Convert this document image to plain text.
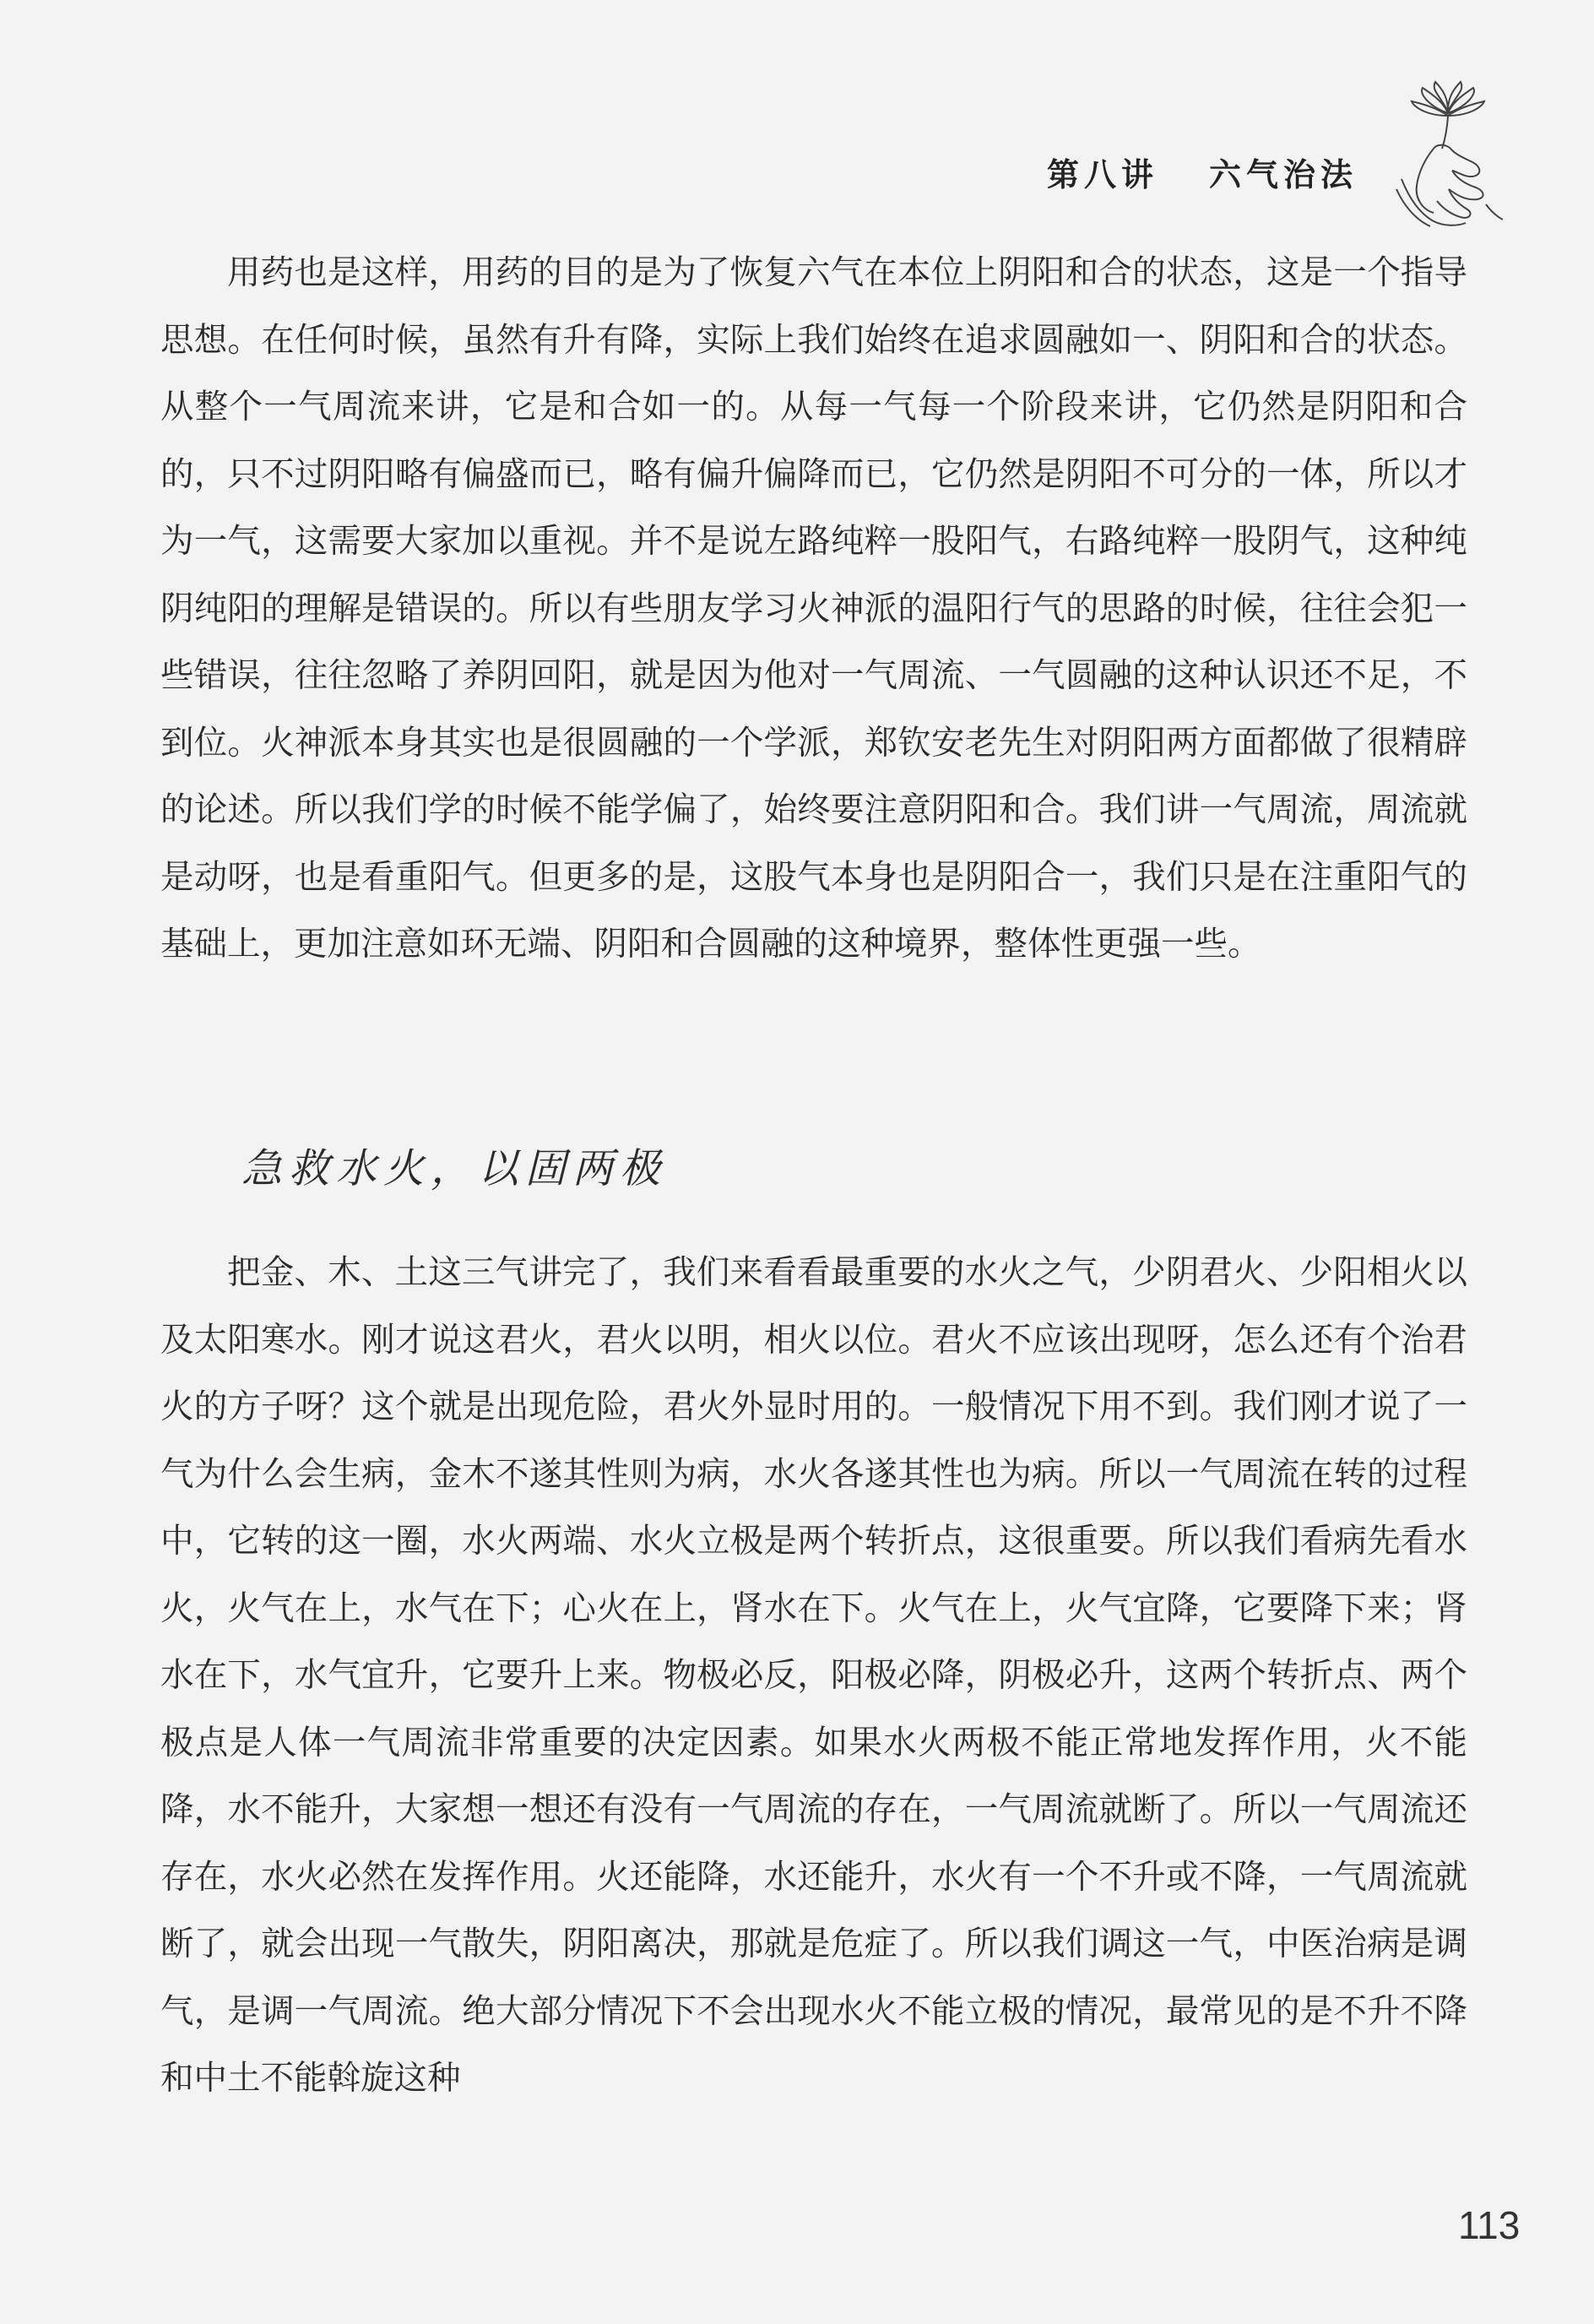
第八讲 六气治法

用药也是这样，用药的目的是为了恢复六气在本位上阴阳和合的状态，这是一个指导思想。在任何时候，虽然有升有降，实际上我们始终在追求圆融如一、阴阳和合的状态。从整个一气周流来讲，它是和合如一的。从每一气每一个阶段来讲，它仍然是阴阳和合的，只不过阴阳略有偏盛而已，略有偏升偏降而已，它仍然是阴阳不可分的一体，所以才为一气，这需要大家加以重视。并不是说左路纯粹一股阳气，右路纯粹一股阴气，这种纯阴纯阳的理解是错误的。所以有些朋友学习火神派的温阳行气的思路的时候，往往会犯一些错误，往往忽略了养阴回阳，就是因为他对一气周流、一气圆融的这种认识还不足，不到位。火神派本身其实也是很圆融的一个学派，郑钦安老先生对阴阳两方面都做了很精辟的论述。所以我们学的时候不能学偏了，始终要注意阴阳和合。我们讲一气周流，周流就是动呀，也是看重阳气。但更多的是，这股气本身也是阴阳合一，我们只是在注重阳气的基础上，更加注意如环无端、阴阳和合圆融的这种境界，整体性更强一些。

急救水火，以固两极

把金、木、土这三气讲完了，我们来看看最重要的水火之气，少阴君火、少阳相火以及太阳寒水。刚才说这君火，君火以明，相火以位。君火不应该出现呀，怎么还有个治君火的方子呀？这个就是出现危险，君火外显时用的。一般情况下用不到。我们刚才说了一气为什么会生病，金木不遂其性则为病，水火各遂其性也为病。所以一气周流在转的过程中，它转的这一圈，水火两端、水火立极是两个转折点，这很重要。所以我们看病先看水火，火气在上，水气在下；心火在上，肾水在下。火气在上，火气宜降，它要降下来；肾水在下，水气宜升，它要升上来。物极必反，阳极必降，阴极必升，这两个转折点、两个极点是人体一气周流非常重要的决定因素。如果水火两极不能正常地发挥作用，火不能降，水不能升，大家想一想还有没有一气周流的存在，一气周流就断了。所以一气周流还存在，水火必然在发挥作用。火还能降，水还能升，水火有一个不升或不降，一气周流就断了，就会出现一气散失，阴阳离决，那就是危症了。所以我们调这一气，中医治病是调气，是调一气周流。绝大部分情况下不会出现水火不能立极的情况，最常见的是不升不降和中土不能斡旋这种

113
